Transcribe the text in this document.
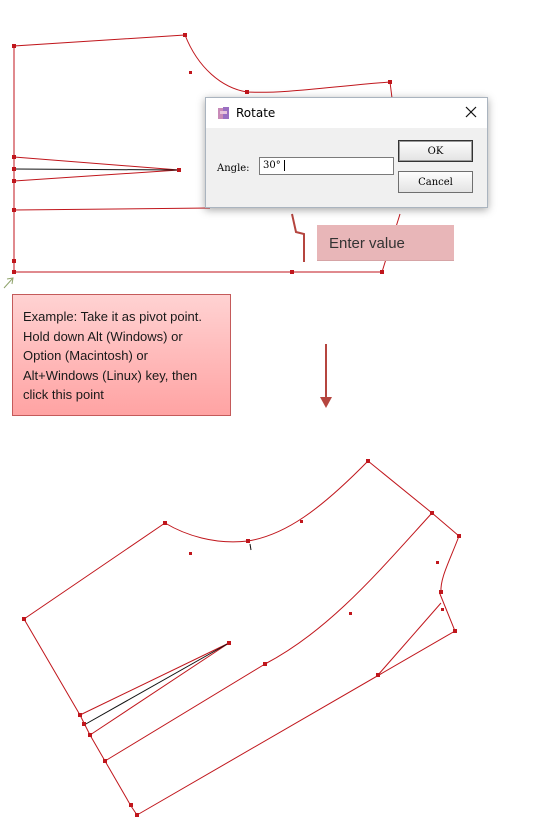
Rotate
Angle:	30°
OK
Cancel
Enter value
Example: Take it as pivot point.
Hold down Alt (Windows) or
Option (Macintosh) or
Alt+Windows (Linux) key, then
click this point
